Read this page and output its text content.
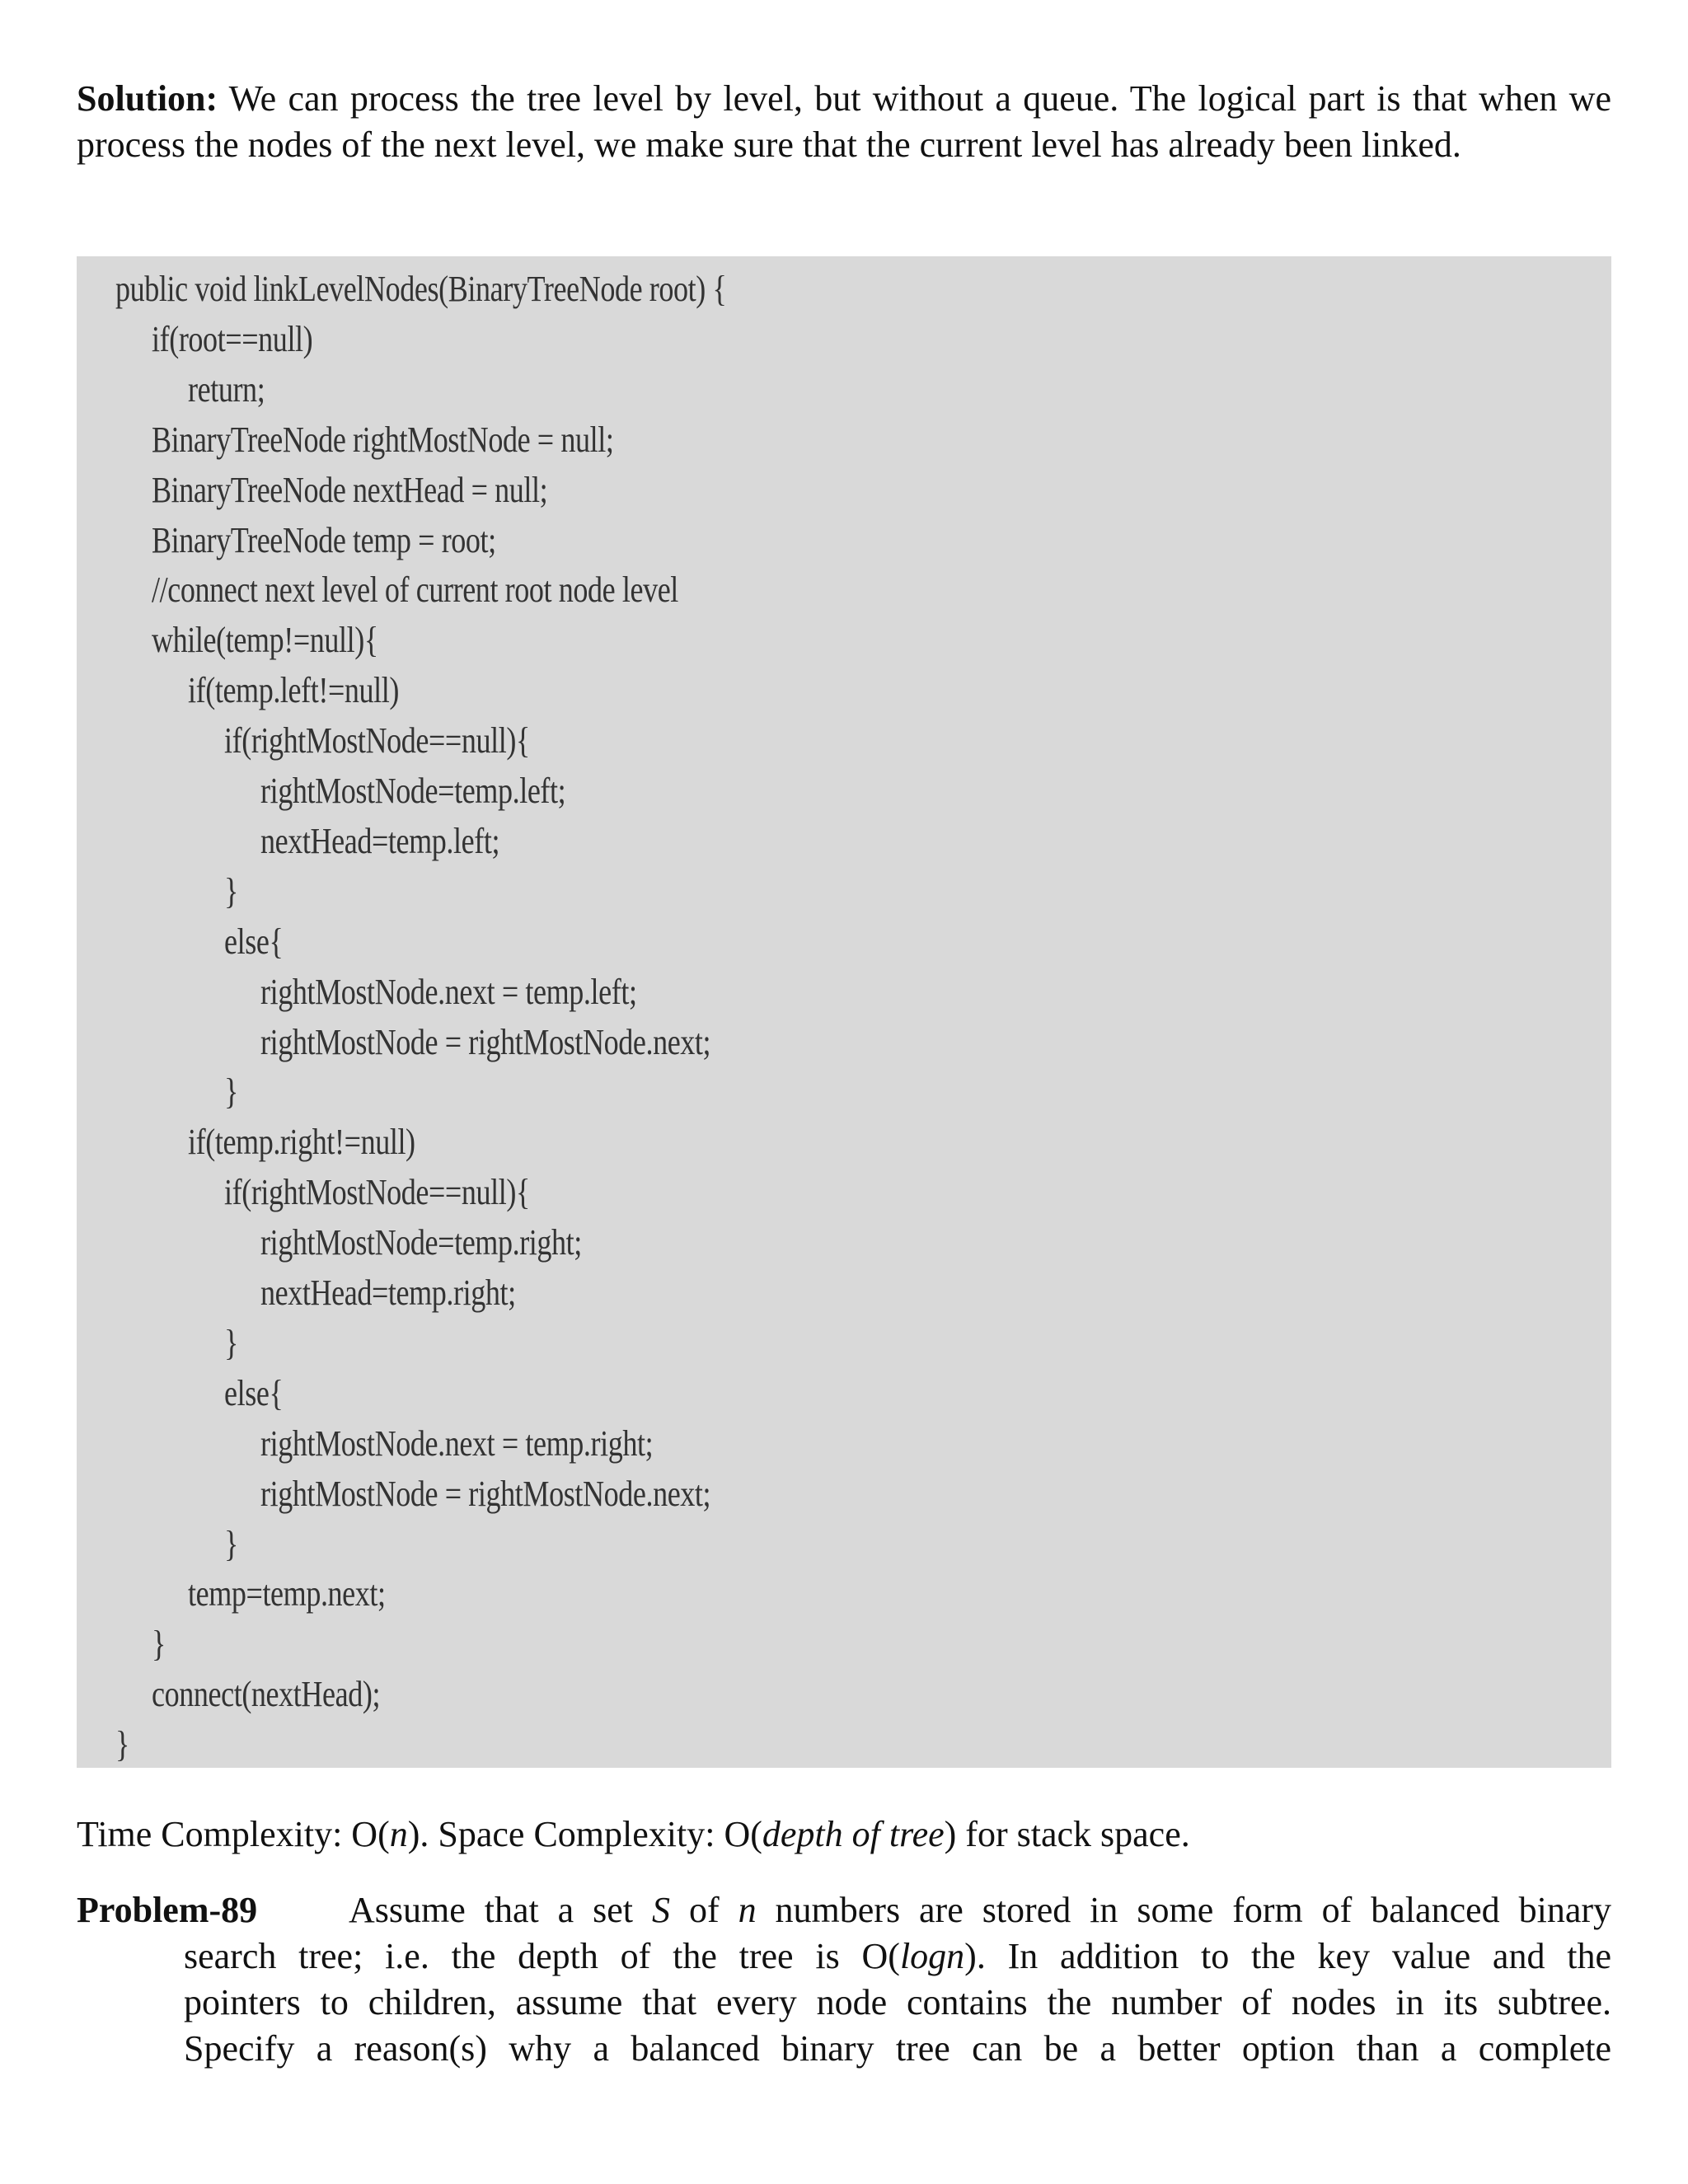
Solution: We can process the tree level by level, but without a queue. The logical part is that when we process the nodes of the next level, we make sure that the current level has already been linked.

public void linkLevelNodes(BinaryTreeNode root) {
if(root==null)
return;
BinaryTreeNode rightMostNode = null;
BinaryTreeNode nextHead = null;
BinaryTreeNode temp = root;
//connect next level of current root node level
while(temp!=null){
if(temp.left!=null)
if(rightMostNode==null){
rightMostNode=temp.left;
nextHead=temp.left;
}
else{
rightMostNode.next = temp.left;
rightMostNode = rightMostNode.next;
}
if(temp.right!=null)
if(rightMostNode==null){
rightMostNode=temp.right;
nextHead=temp.right;
}
else{
rightMostNode.next = temp.right;
rightMostNode = rightMostNode.next;
}
temp=temp.next;
}
connect(nextHead);
}

Time Complexity: O(n). Space Complexity: O(depth of tree) for stack space.

Problem-89	Assume that a set S of n numbers are stored in some form of balanced binary
search tree; i.e. the depth of the tree is O(logn). In addition to the key value and the
pointers to children, assume that every node contains the number of nodes in its subtree.
Specify a reason(s) why a balanced binary tree can be a better option than a complete
